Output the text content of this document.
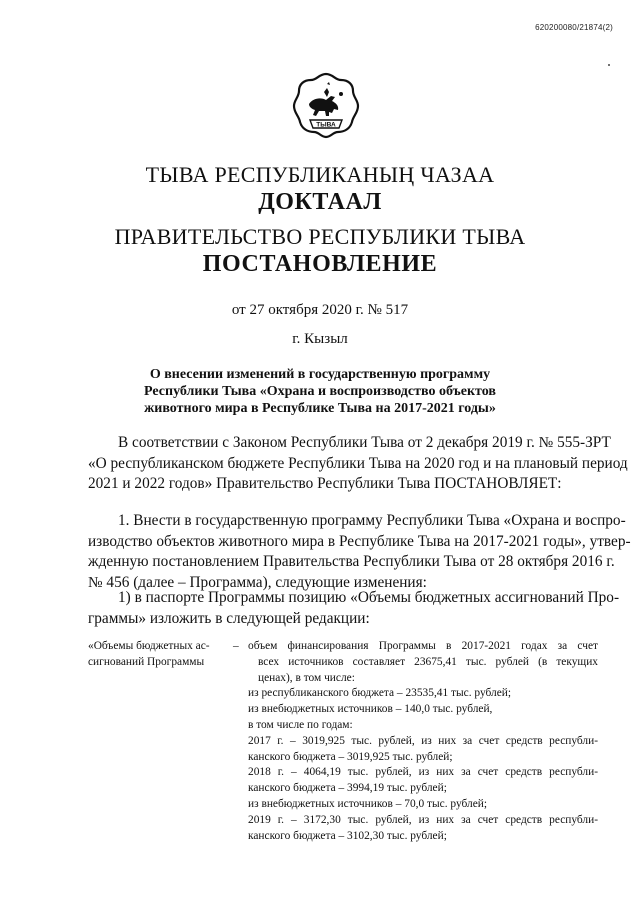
620200080/21874(2)
ТЫВА
ТЫВА РЕСПУБЛИКАНЫҢ ЧАЗАА
ДОКТААЛ
ПРАВИТЕЛЬСТВО РЕСПУБЛИКИ ТЫВА
ПОСТАНОВЛЕНИЕ
от 27 октября 2020 г. № 517
г. Кызыл
О внесении изменений в государственную программу
Республики Тыва «Охрана и воспроизводство объектов
животного мира в Республике Тыва на 2017-2021 годы»
В соответствии с Законом Республики Тыва от 2 декабря 2019 г. № 555-ЗРТ
«О республиканском бюджете Республики Тыва на 2020 год и на плановый период
2021 и 2022 годов» Правительство Республики Тыва ПОСТАНОВЛЯЕТ:
1. Внести в государственную программу Республики Тыва «Охрана и воспро-
изводство объектов животного мира в Республике Тыва на 2017-2021 годы», утвер-
жденную постановлением Правительства Республики Тыва от 28 октября 2016 г.
№ 456 (далее – Программа), следующие изменения:
1) в паспорте Программы позицию «Объемы бюджетных ассигнований Про-
граммы» изложить в следующей редакции:
«Объемы бюджетных ас-
сигнований Программы
– объем финансирования Программы в 2017-2021 годах за счет
всех источников составляет 23675,41 тыс. рублей (в текущих
ценах), в том числе:
из республиканского бюджета – 23535,41 тыс. рублей;
из внебюджетных источников – 140,0 тыс. рублей,
в том числе по годам:
2017 г. – 3019,925 тыс. рублей, из них за счет средств республи-
канского бюджета – 3019,925 тыс. рублей;
2018 г. – 4064,19 тыс. рублей, из них за счет средств республи-
канского бюджета – 3994,19 тыс. рублей;
из внебюджетных источников – 70,0 тыс. рублей;
2019 г. – 3172,30 тыс. рублей, из них за счет средств республи-
канского бюджета – 3102,30 тыс. рублей;
